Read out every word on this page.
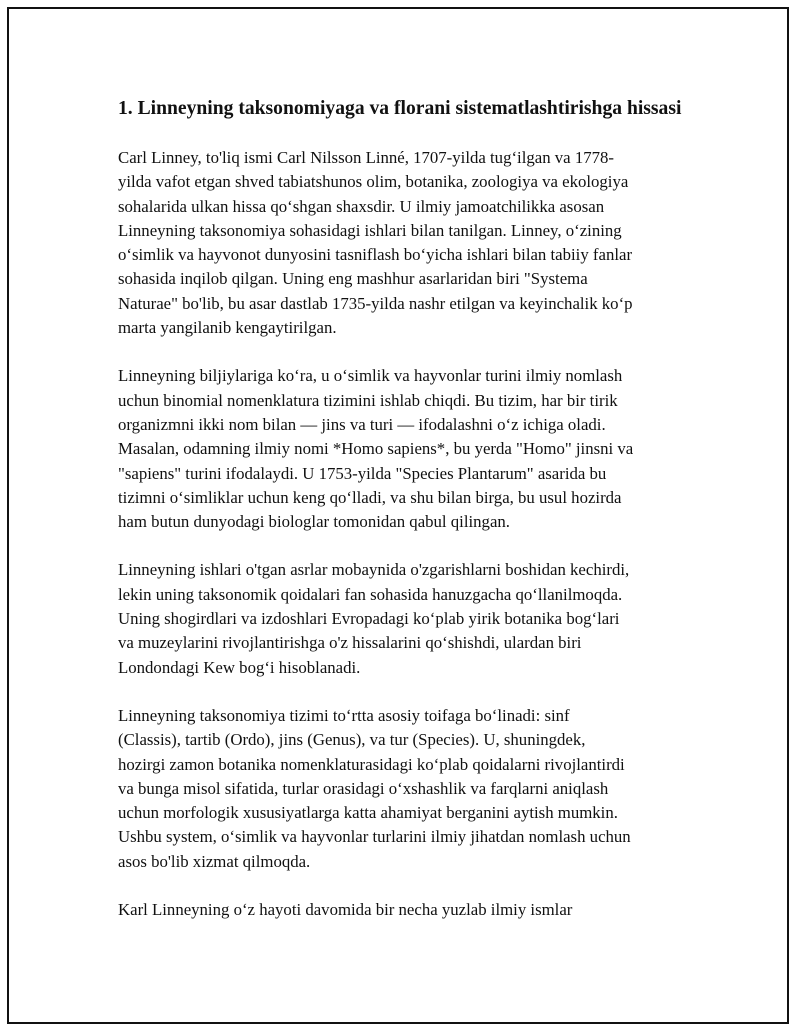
1. Linneyning taksonomiyaga va florani sistematlashtirishga hissasi

Carl Linney, to'liq ismi Carl Nilsson Linné, 1707-yilda tug‘ilgan va 1778-
yilda vafot etgan shved tabiatshunos olim, botanika, zoologiya va ekologiya
sohalarida ulkan hissa qo‘shgan shaxsdir. U ilmiy jamoatchilikka asosan
Linneyning taksonomiya sohasidagi ishlari bilan tanilgan. Linney, o‘zining
o‘simlik va hayvonot dunyosini tasniflash bo‘yicha ishlari bilan tabiiy fanlar
sohasida inqilob qilgan. Uning eng mashhur asarlaridan biri "Systema
Naturae" bo'lib, bu asar dastlab 1735-yilda nashr etilgan va keyinchalik ko‘p
marta yangilanib kengaytirilgan.

Linneyning biljiylariga ko‘ra, u o‘simlik va hayvonlar turini ilmiy nomlash
uchun binomial nomenklatura tizimini ishlab chiqdi. Bu tizim, har bir tirik
organizmni ikki nom bilan — jins va turi — ifodalashni o‘z ichiga oladi.
Masalan, odamning ilmiy nomi *Homo sapiens*, bu yerda "Homo" jinsni va
"sapiens" turini ifodalaydi. U 1753-yilda "Species Plantarum" asarida bu
tizimni o‘simliklar uchun keng qo‘lladi, va shu bilan birga, bu usul hozirda
ham butun dunyodagi biologlar tomonidan qabul qilingan.

Linneyning ishlari o'tgan asrlar mobaynida o'zgarishlarni boshidan kechirdi,
lekin uning taksonomik qoidalari fan sohasida hanuzgacha qo‘llanilmoqda.
Uning shogirdlari va izdoshlari Evropadagi ko‘plab yirik botanika bog‘lari
va muzeylarini rivojlantirishga o'z hissalarini qo‘shishdi, ulardan biri
Londondagi Kew bog‘i hisoblanadi.

Linneyning taksonomiya tizimi to‘rtta asosiy toifaga bo‘linadi: sinf
(Classis), tartib (Ordo), jins (Genus), va tur (Species). U, shuningdek,
hozirgi zamon botanika nomenklaturasidagi ko‘plab qoidalarni rivojlantirdi
va bunga misol sifatida, turlar orasidagi o‘xshashlik va farqlarni aniqlash
uchun morfologik xususiyatlarga katta ahamiyat berganini aytish mumkin.
Ushbu system, o‘simlik va hayvonlar turlarini ilmiy jihatdan nomlash uchun
asos bo'lib xizmat qilmoqda.

Karl Linneyning o‘z hayoti davomida bir necha yuzlab ilmiy ismlar
